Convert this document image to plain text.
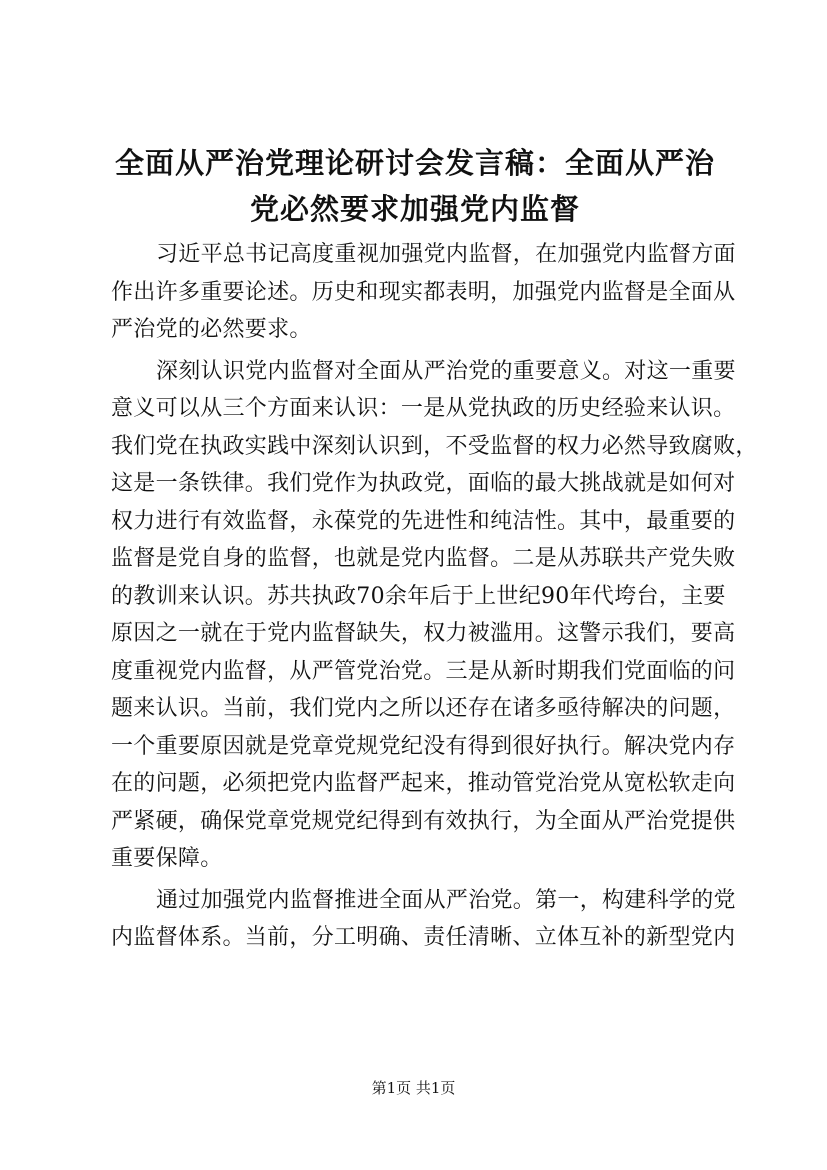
全面从严治党理论研讨会发言稿：全面从严治
党必然要求加强党内监督
习近平总书记高度重视加强党内监督，在加强党内监督方面
作出许多重要论述。历史和现实都表明，加强党内监督是全面从
严治党的必然要求。
深刻认识党内监督对全面从严治党的重要意义。对这一重要
意义可以从三个方面来认识：一是从党执政的历史经验来认识。
我们党在执政实践中深刻认识到，不受监督的权力必然导致腐败，
这是一条铁律。我们党作为执政党，面临的最大挑战就是如何对
权力进行有效监督，永葆党的先进性和纯洁性。其中，最重要的
监督是党自身的监督，也就是党内监督。二是从苏联共产党失败
的教训来认识。苏共执政70余年后于上世纪90年代垮台，主要
原因之一就在于党内监督缺失，权力被滥用。这警示我们，要高
度重视党内监督，从严管党治党。三是从新时期我们党面临的问
题来认识。当前，我们党内之所以还存在诸多亟待解决的问题，
一个重要原因就是党章党规党纪没有得到很好执行。解决党内存
在的问题，必须把党内监督严起来，推动管党治党从宽松软走向
严紧硬，确保党章党规党纪得到有效执行，为全面从严治党提供
重要保障。
通过加强党内监督推进全面从严治党。第一，构建科学的党
内监督体系。当前，分工明确、责任清晰、立体互补的新型党内
第1页 共1页
